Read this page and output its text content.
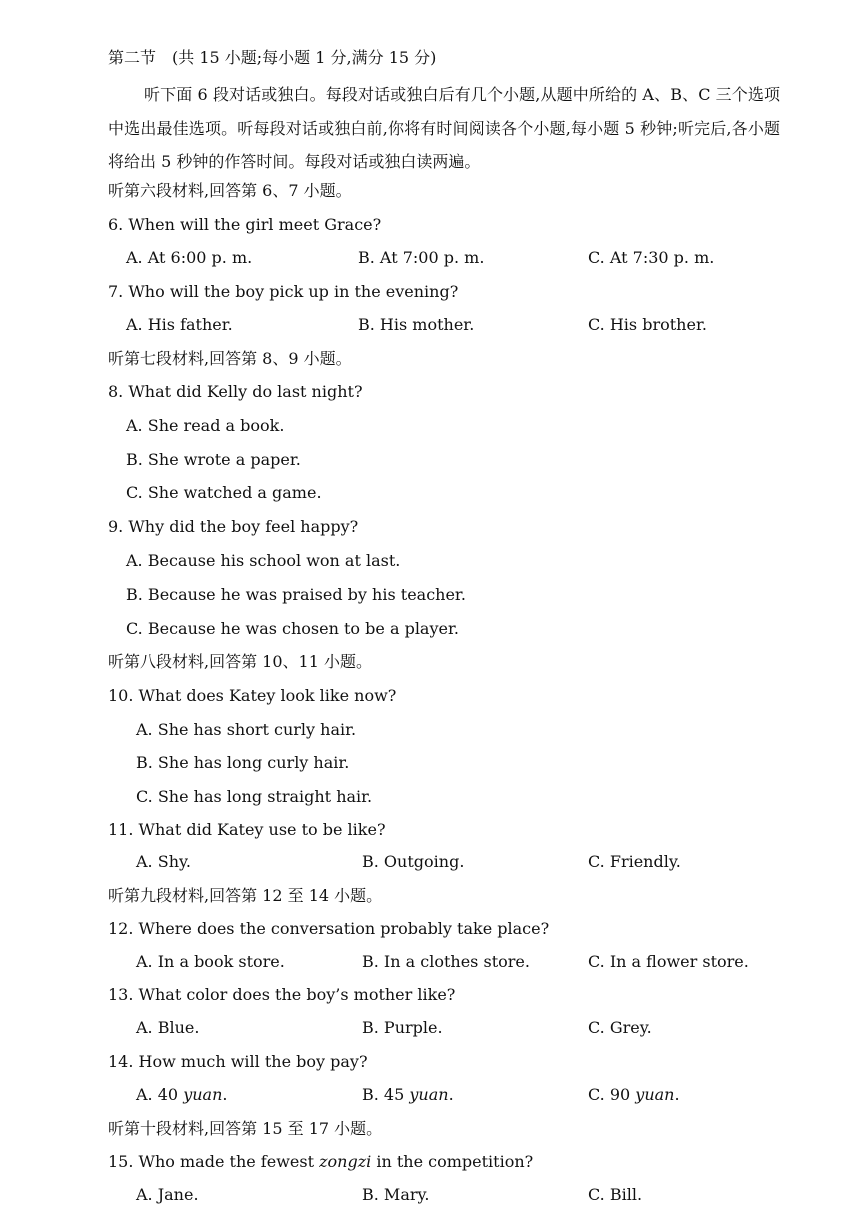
第二节　(共 15 小题;每小题 1 分,满分 15 分)
听下面 6 段对话或独白。每段对话或独白后有几个小题,从题中所给的 A、B、C 三个选项中选出最佳选项。听每段对话或独白前,你将有时间阅读各个小题,每小题 5 秒钟;听完后,各小题将给出 5 秒钟的作答时间。每段对话或独白读两遍。
听第六段材料,回答第 6、7 小题。
6. When will the girl meet Grace?
A. At 6:00 p. m.	B. At 7:00 p. m.	C. At 7:30 p. m.
7. Who will the boy pick up in the evening?
A. His father.	B. His mother.	C. His brother.
听第七段材料,回答第 8、9 小题。
8. What did Kelly do last night?
A. She read a book.
B. She wrote a paper.
C. She watched a game.
9. Why did the boy feel happy?
A. Because his school won at last.
B. Because he was praised by his teacher.
C. Because he was chosen to be a player.
听第八段材料,回答第 10、11 小题。
10. What does Katey look like now?
A. She has short curly hair.
B. She has long curly hair.
C. She has long straight hair.
11. What did Katey use to be like?
A. Shy.	B. Outgoing.	C. Friendly.
听第九段材料,回答第 12 至 14 小题。
12. Where does the conversation probably take place?
A. In a book store.	B. In a clothes store.	C. In a flower store.
13. What color does the boy’s mother like?
A. Blue.	B. Purple.	C. Grey.
14. How much will the boy pay?
A. 40 yuan.	B. 45 yuan.	C. 90 yuan.
听第十段材料,回答第 15 至 17 小题。
15. Who made the fewest zongzi in the competition?
A. Jane.	B. Mary.	C. Bill.
